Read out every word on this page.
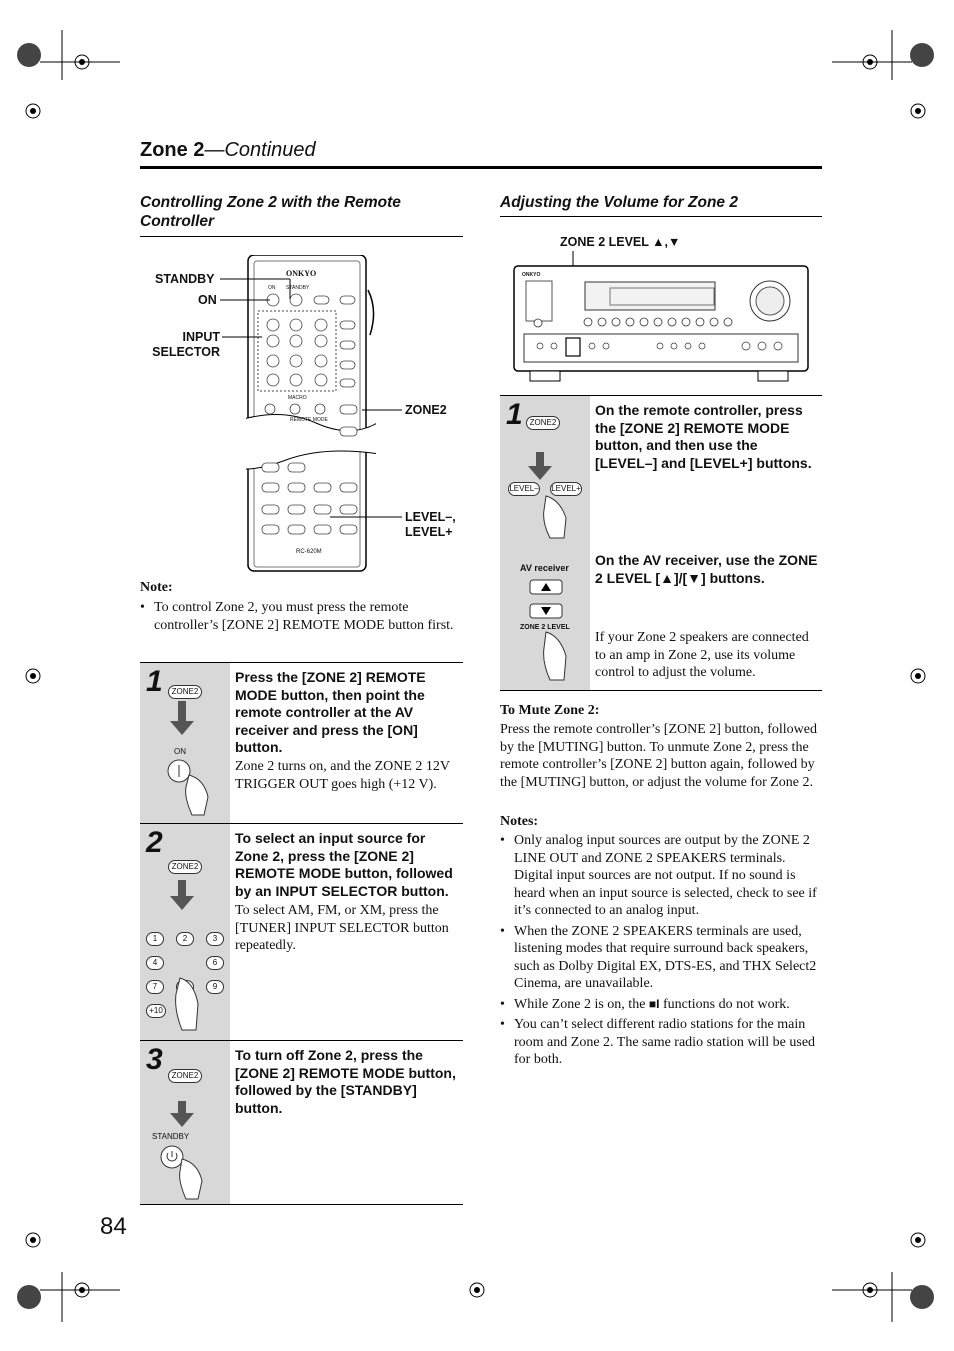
Zone 2—Continued
Controlling Zone 2 with the Remote Controller
ONKYO
ON STANDBY
MACRO
REMOTE MODE
RC-620M
STANDBY
ON
INPUT SELECTOR
ZONE2
LEVEL–, LEVEL+
Note:
• To control Zone 2, you must press the remote controller’s [ZONE 2] REMOTE MODE button first.
1	ZONE2
ON
Press the [ZONE 2] REMOTE MODE button, then point the remote controller at the AV receiver and press the [ON] button.
Zone 2 turns on, and the ZONE 2 12V TRIGGER OUT goes high (+12 V).
2
ZONE2
1	2	3
4	6
7	9
+10
To select an input source for Zone 2, press the [ZONE 2] REMOTE MODE button, followed by an INPUT SELECTOR button.
To select AM, FM, or XM, press the [TUNER] INPUT SELECTOR button repeatedly.
3	ZONE2
STANDBY
To turn off Zone 2, press the [ZONE 2] REMOTE MODE button, followed by the [STANDBY] button.
Adjusting the Volume for Zone 2
ZONE 2 LEVEL ▲,▼
ONKYO
1 ZONE2
LEVEL– LEVEL+
AV receiver
ZONE 2 LEVEL
On the remote controller, press the [ZONE 2] REMOTE MODE button, and then use the [LEVEL–] and [LEVEL+] buttons.
On the AV receiver, use the ZONE 2 LEVEL [▲]/[▼] buttons.
If your Zone 2 speakers are connected to an amp in Zone 2, use its volume control to adjust the volume.
To Mute Zone 2:
Press the remote controller’s [ZONE 2] button, followed by the [MUTING] button. To unmute Zone 2, press the remote controller’s [ZONE 2] button again, followed by the [MUTING] button, or adjust the volume for Zone 2.
Notes:
• Only analog input sources are output by the ZONE 2 LINE OUT and ZONE 2 SPEAKERS terminals. Digital input sources are not output. If no sound is heard when an input source is selected, check to see if it’s connected to an analog input.
• When the ZONE 2 SPEAKERS terminals are used, listening modes that require surround back speakers, such as Dolby Digital EX, DTS-ES, and THX Select2 Cinema, are unavailable.
• While Zone 2 is on, the ■I functions do not work.
• You can’t select different radio stations for the main room and Zone 2. The same radio station will be used for both.
84
